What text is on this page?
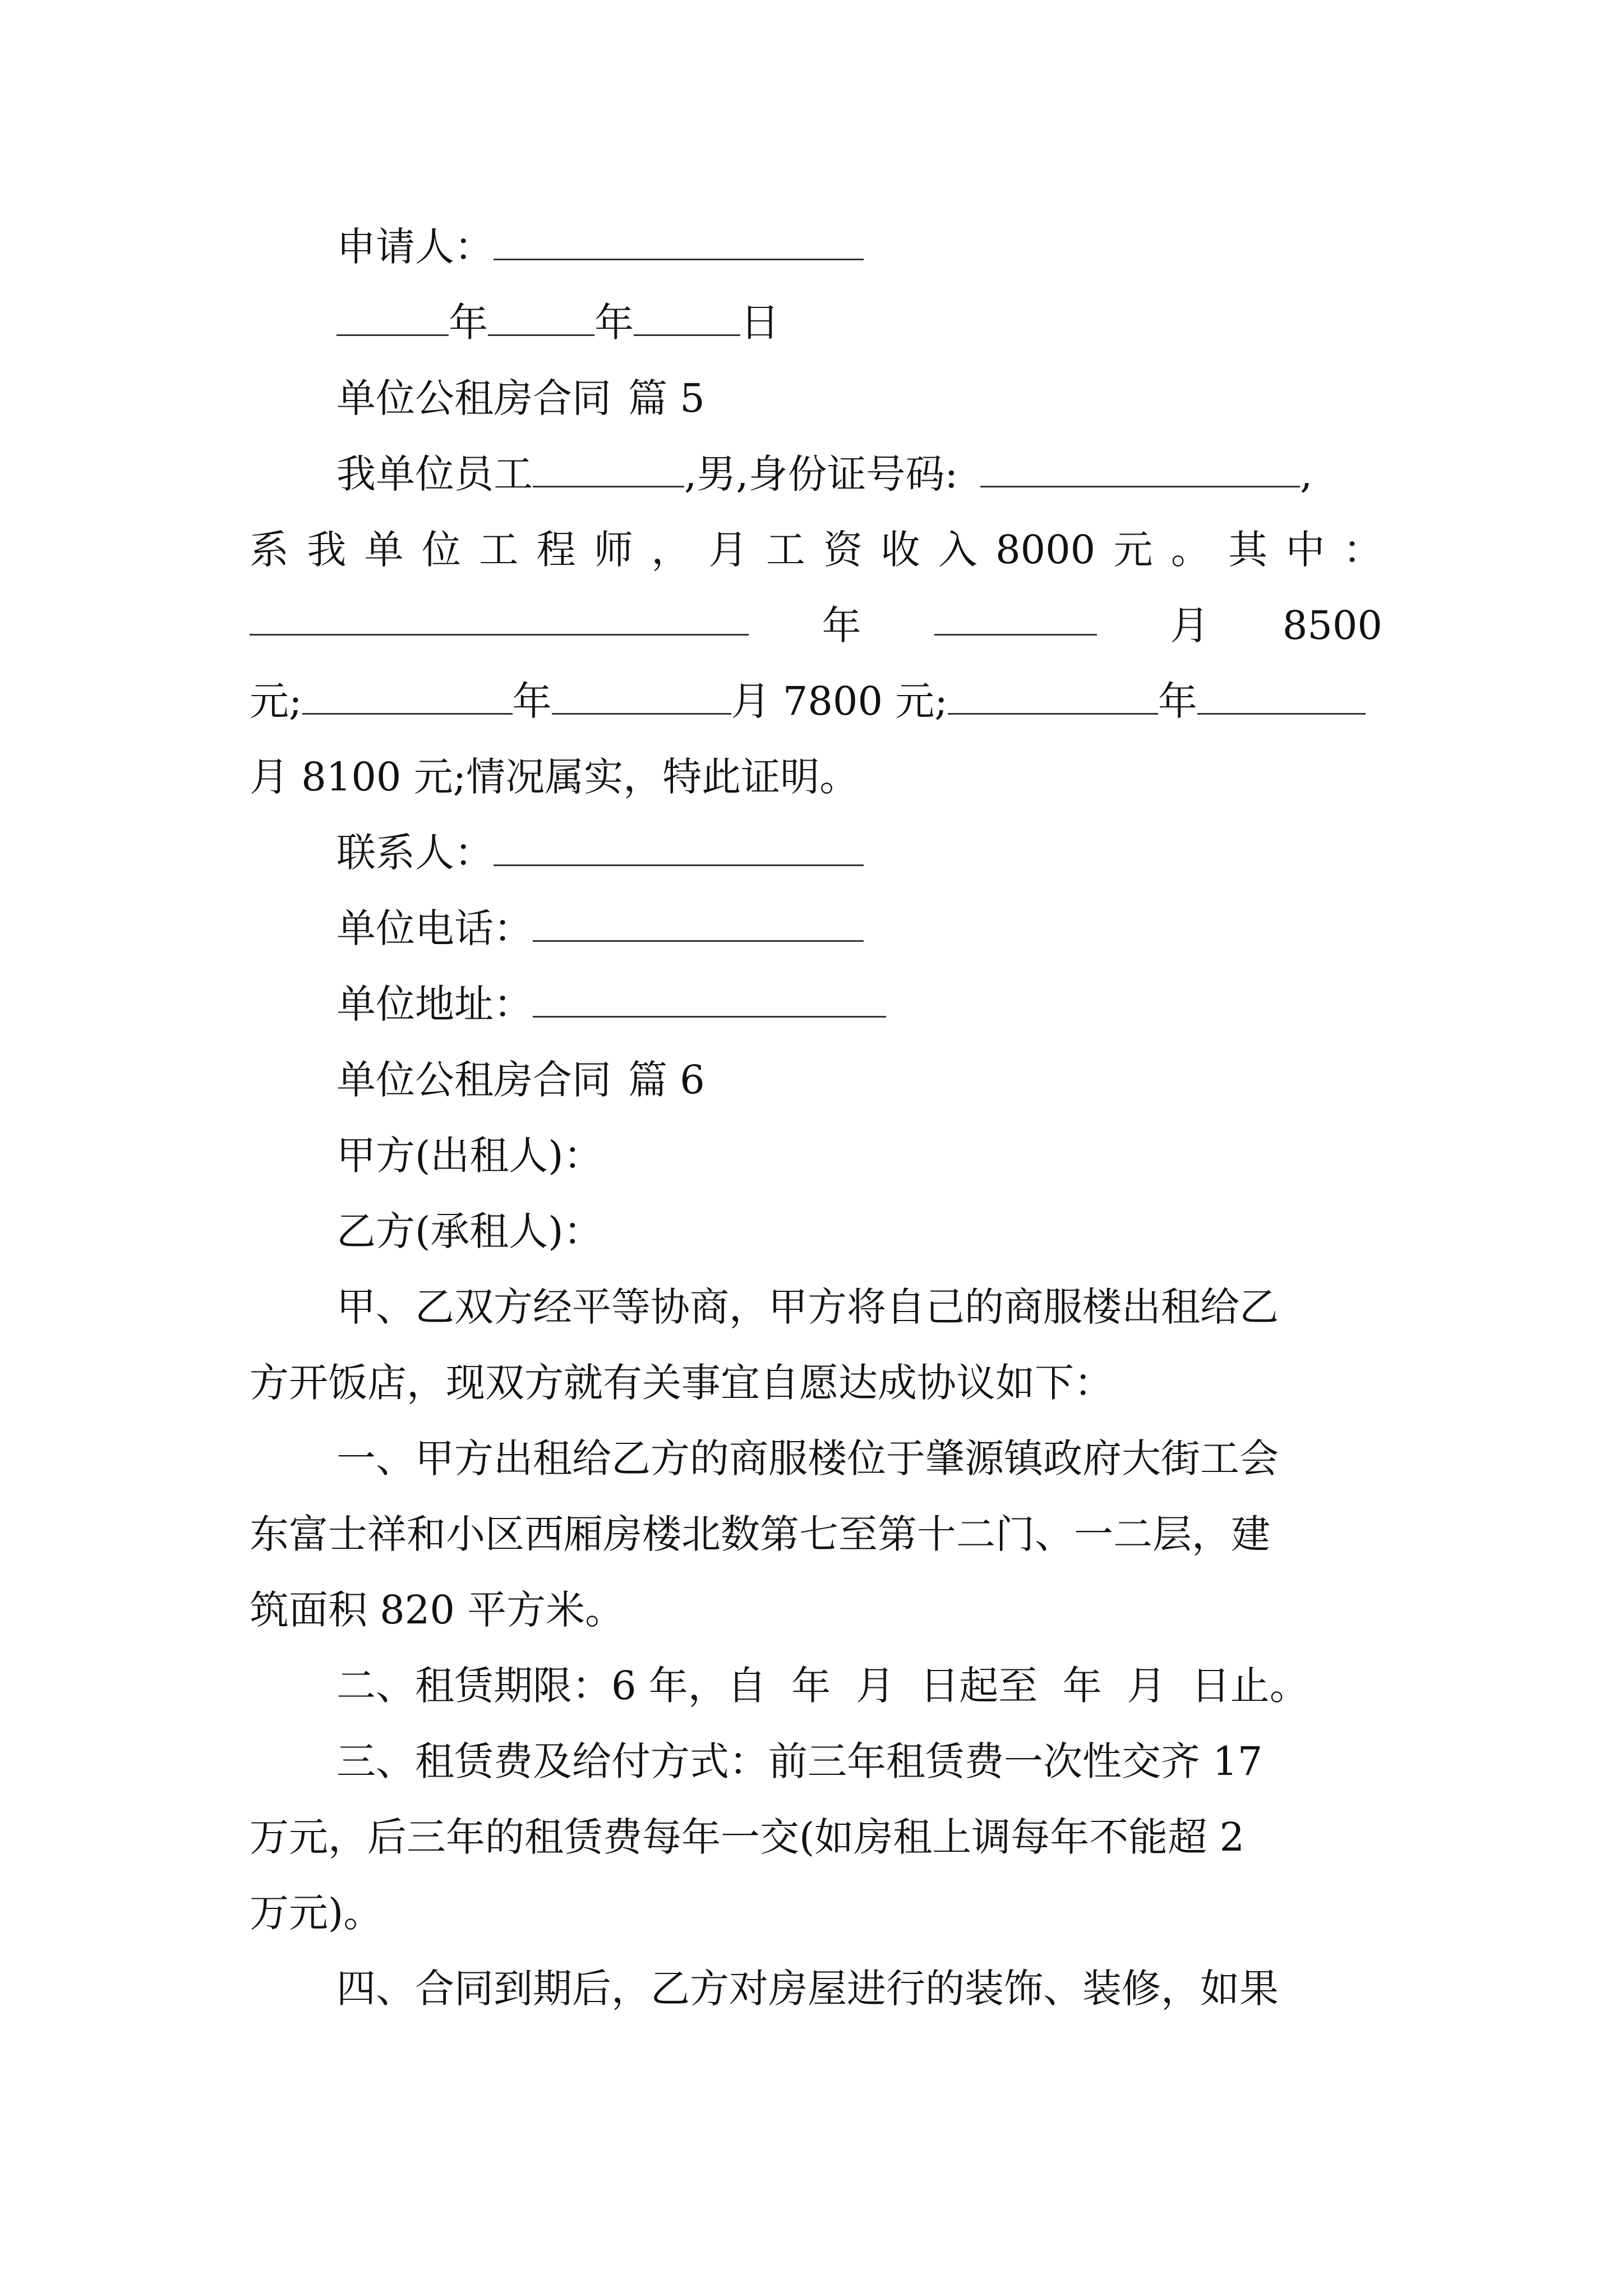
申请人：
年	年	日
单位公租房合同 篇 5
我单位员工	,男,身份证号码:	,
系 我 单 位 工 程 师 ， 月 工 资 收 入 8000 元 。 其 中 ：
年	月 8500
元;	年	月 7800 元;	年
月 8100 元;情况属实，特此证明。
联系人：
单位电话：
单位地址：
单位公租房合同 篇 6
甲方(出租人)：
乙方(承租人)：
甲、乙双方经平等协商，甲方将自己的商服楼出租给乙
方开饭店，现双方就有关事宜自愿达成协议如下：
一、甲方出租给乙方的商服楼位于肇源镇政府大街工会
东富士祥和小区西厢房楼北数第七至第十二门、一二层，建
筑面积 820 平方米。
二、租赁期限：6 年，自  年  月  日起至  年  月  日止。
三、租赁费及给付方式：前三年租赁费一次性交齐 17
万元，后三年的租赁费每年一交(如房租上调每年不能超 2
万元)。
四、合同到期后，乙方对房屋进行的装饰、装修，如果
